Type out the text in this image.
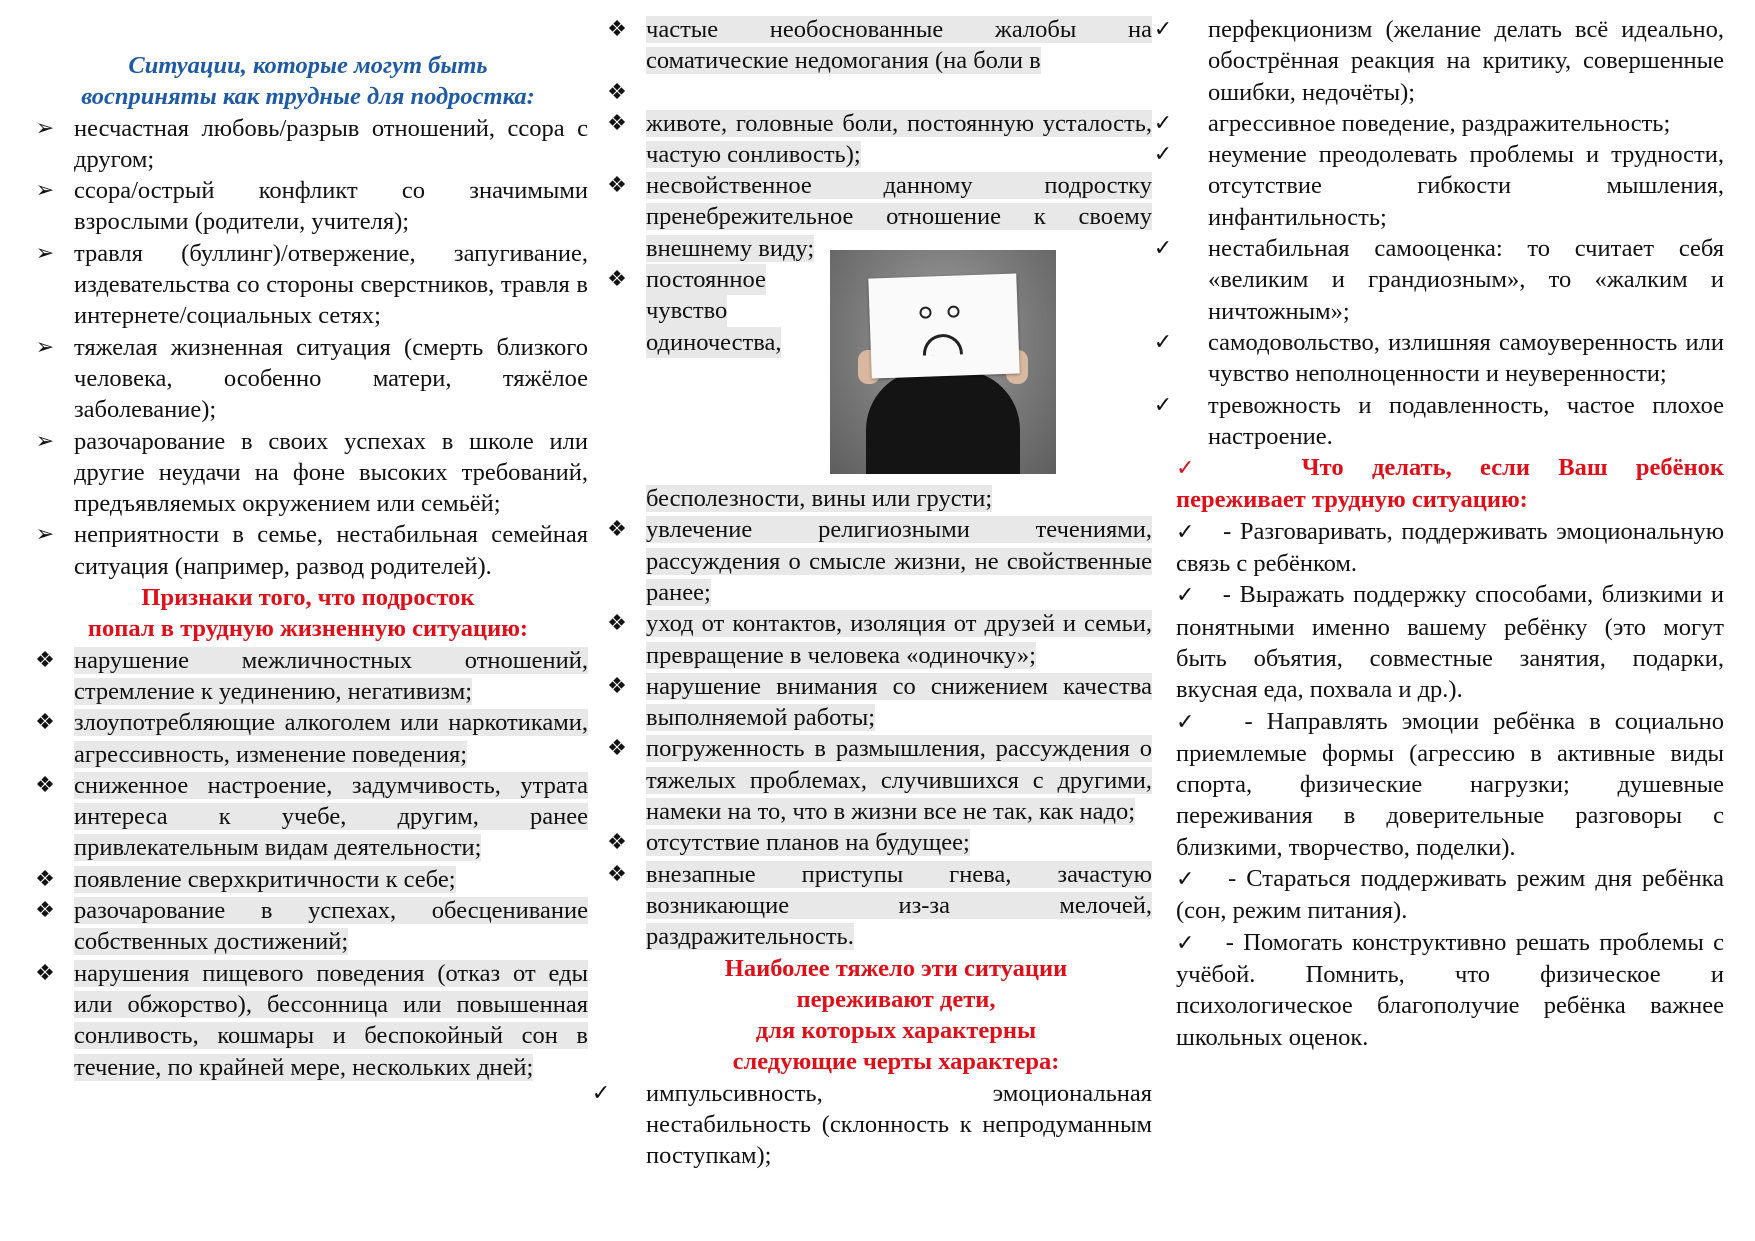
Ситуации, которые могут быть
восприняты как трудные для подростка:
➢ несчастная любовь/разрыв отношений, ссора с другом;
➢ ссора/острый конфликт со значимыми взрослыми (родители, учителя);
➢ травля (буллинг)/отвержение, запугивание, издевательства со стороны сверстников, травля в интернете/социальных сетях;
➢ тяжелая жизненная ситуация (смерть близкого человека, особенно матери, тяжёлое заболевание);
➢ разочарование в своих успехах в школе или другие неудачи на фоне высоких требований, предъявляемых окружением или семьёй;
➢ неприятности в семье, нестабильная семейная ситуация (например, развод родителей).
Признаки того, что подросток
попал в трудную жизненную ситуацию:
❖ нарушение межличностных отношений, стремление к уединению, негативизм;
❖ злоупотребляющие алкоголем или наркотиками, агрессивность, изменение поведения;
❖ сниженное настроение, задумчивость, утрата интереса к учебе, другим, ранее привлекательным видам деятельности;
❖ появление сверхкритичности к себе;
❖ разочарование в успехах, обесценивание собственных достижений;
❖ нарушения пищевого поведения (отказ от еды или обжорство), бессонница или повышенная сонливость, кошмары и беспокойный сон в течение, по крайней мере, нескольких дней;
❖ частые необоснованные жалобы на соматические недомогания (на боли в
❖
❖ животе, головные боли, постоянную усталость, частую сонливость);
❖ несвойственное данному подростку пренебрежительное отношение к своему внешнему виду;
❖ постоянное
чувство
одиночества,
бесполезности, вины или грусти;
❖ увлечение религиозными течениями, рассуждения о смысле жизни, не свойственные ранее;
❖ уход от контактов, изоляция от друзей и семьи, превращение в человека «одиночку»;
❖ нарушение внимания со снижением качества выполняемой работы;
❖ погруженность в размышления, рассуждения о тяжелых проблемах, случившихся с другими, намеки на то, что в жизни все не так, как надо;
❖ отсутствие планов на будущее;
❖ внезапные приступы гнева, зачастую возникающие из-за мелочей, раздражительность.
Наиболее тяжело эти ситуации
переживают дети,
для которых характерны
следующие черты характера:
✓ импульсивность, эмоциональная нестабильность (склонность к непродуманным поступкам);
✓ перфекционизм (желание делать всё идеально, обострённая реакция на критику, совершенные ошибки, недочёты);
✓ агрессивное поведение, раздражительность;
✓ неумение преодолевать проблемы и трудности, отсутствие гибкости мышления, инфантильность;
✓ нестабильная самооценка: то считает себя «великим и грандиозным», то «жалким и ничтожным»;
✓ самодовольство, излишняя самоуверенность или чувство неполноценности и неуверенности;
✓ тревожность и подавленность, частое плохое настроение.
✓	Что делать, если Ваш ребёнок
переживает трудную ситуацию:
✓ - Разговаривать, поддерживать эмоциональную связь с ребёнком.
✓ - Выражать поддержку способами, близкими и понятными именно вашему ребёнку (это могут быть объятия, совместные занятия, подарки, вкусная еда, похвала и др.).
✓ - Направлять эмоции ребёнка в социально приемлемые формы (агрессию в активные виды спорта, физические нагрузки; душевные переживания в доверительные разговоры с близкими, творчество, поделки).
✓ - Стараться поддерживать режим дня ребёнка (сон, режим питания).
✓ - Помогать конструктивно решать проблемы с учёбой. Помнить, что физическое и психологическое благополучие ребёнка важнее школьных оценок.
